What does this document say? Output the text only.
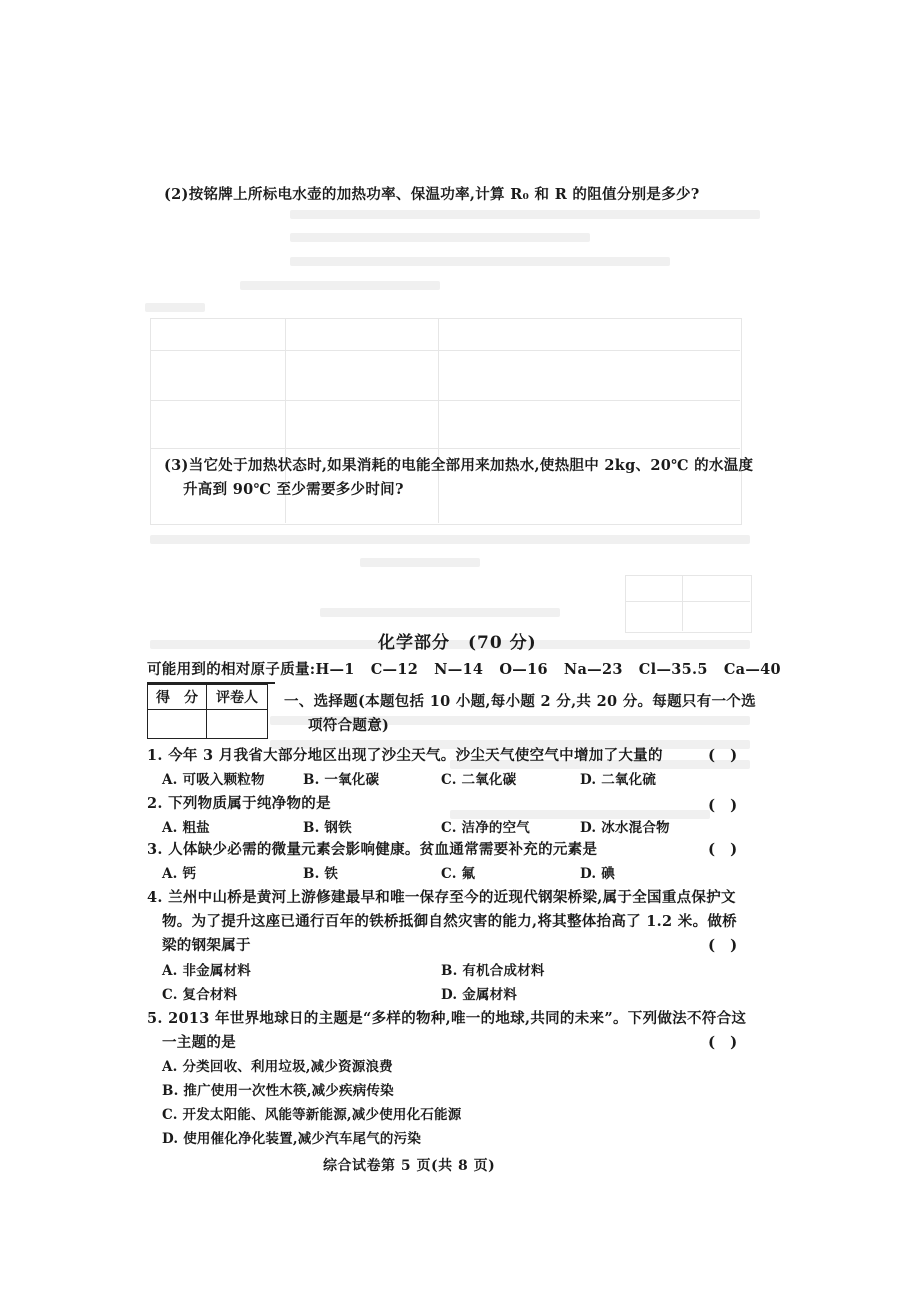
(2)按铭牌上所标电水壶的加热功率、保温功率,计算 R₀ 和 R 的阻值分别是多少?
(3)当它处于加热状态时,如果消耗的电能全部用来加热水,使热胆中 2kg、20℃ 的水温度
升高到 90℃ 至少需要多少时间?
化学部分　(70 分)
可能用到的相对原子质量:H—1 C—12 N—14 O—16 Na—23 Cl—35.5 Ca—40
得　分	评卷人
	一、选择题(本题包括 10 小题,每小题 2 分,共 20 分。每题只有一个选
项符合题意)
1. 今年 3 月我省大部分地区出现了沙尘天气。沙尘天气使空气中增加了大量的	(　)
A. 可吸入颗粒物	B. 一氧化碳	C. 二氧化碳	D. 二氧化硫
2. 下列物质属于纯净物的是	(　)
A. 粗盐	B. 钢铁	C. 洁净的空气	D. 冰水混合物
3. 人体缺少必需的微量元素会影响健康。贫血通常需要补充的元素是	(　)
A. 钙	B. 铁	C. 氟	D. 碘
4. 兰州中山桥是黄河上游修建最早和唯一保存至今的近现代钢架桥梁,属于全国重点保护文
物。为了提升这座已通行百年的铁桥抵御自然灾害的能力,将其整体抬高了 1.2 米。做桥
梁的钢架属于	(　)
A. 非金属材料	B. 有机合成材料
C. 复合材料	D. 金属材料
5. 2013 年世界地球日的主题是“多样的物种,唯一的地球,共同的未来”。下列做法不符合这
一主题的是	(　)
A. 分类回收、利用垃圾,减少资源浪费
B. 推广使用一次性木筷,减少疾病传染
C. 开发太阳能、风能等新能源,减少使用化石能源
D. 使用催化净化装置,减少汽车尾气的污染
综合试卷第 5 页(共 8 页)
